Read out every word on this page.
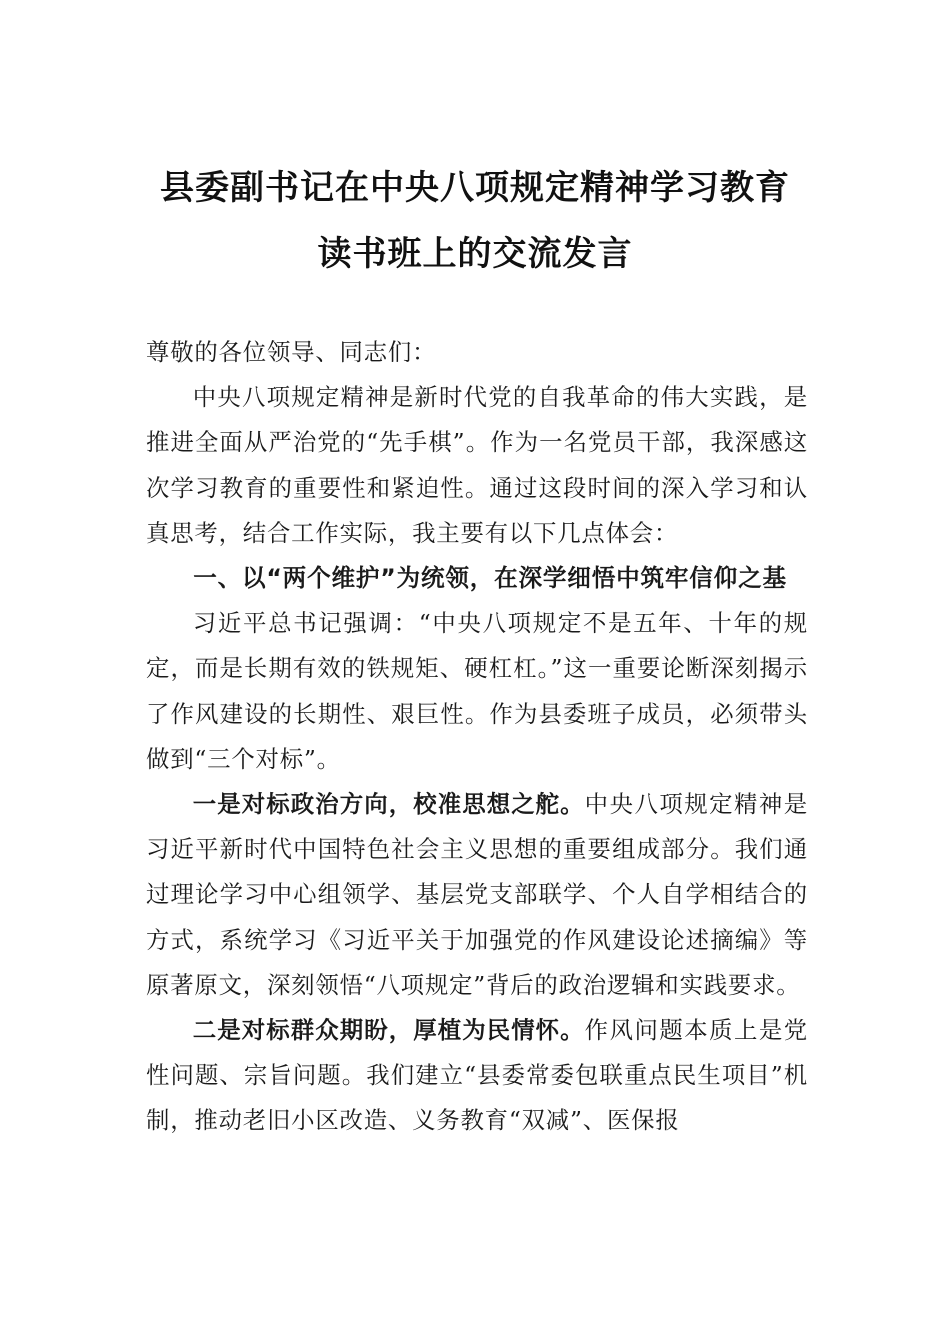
县委副书记在中央八项规定精神学习教育
读书班上的交流发言

尊敬的各位领导、同志们：

中央八项规定精神是新时代党的自我革命的伟大实践，是推进全面从严治党的“先手棋”。作为一名党员干部，我深感这次学习教育的重要性和紧迫性。通过这段时间的深入学习和认真思考，结合工作实际，我主要有以下几点体会：

一、以“两个维护”为统领，在深学细悟中筑牢信仰之基

习近平总书记强调：“中央八项规定不是五年、十年的规定，而是长期有效的铁规矩、硬杠杠。”这一重要论断深刻揭示了作风建设的长期性、艰巨性。作为县委班子成员，必须带头做到“三个对标”。

一是对标政治方向，校准思想之舵。中央八项规定精神是习近平新时代中国特色社会主义思想的重要组成部分。我们通过理论学习中心组领学、基层党支部联学、个人自学相结合的方式，系统学习《习近平关于加强党的作风建设论述摘编》等原著原文，深刻领悟“八项规定”背后的政治逻辑和实践要求。

二是对标群众期盼，厚植为民情怀。作风问题本质上是党性问题、宗旨问题。我们建立“县委常委包联重点民生项目”机制，推动老旧小区改造、义务教育“双减”、医保报
